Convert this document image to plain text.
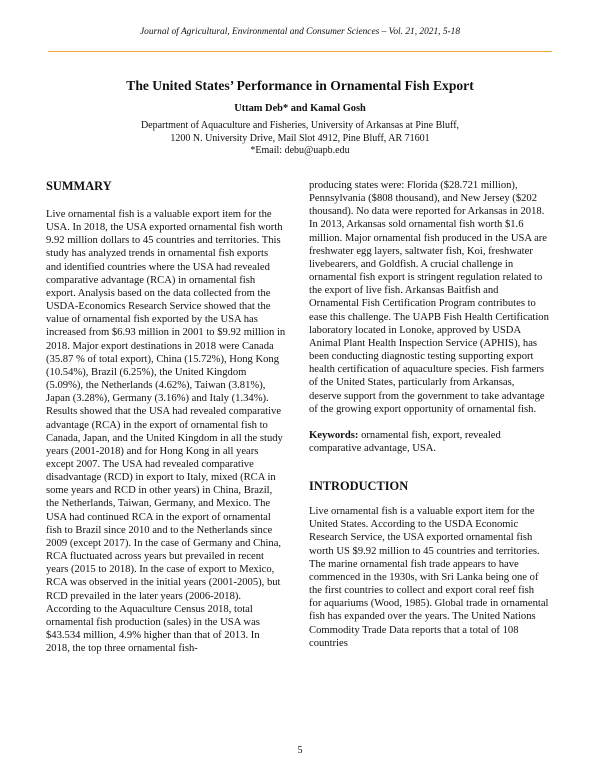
Journal of Agricultural, Environmental and Consumer Sciences – Vol. 21, 2021, 5-18
The United States’ Performance in Ornamental Fish Export
Uttam Deb* and Kamal Gosh
Department of Aquaculture and Fisheries, University of Arkansas at Pine Bluff,
1200 N. University Drive, Mail Slot 4912, Pine Bluff, AR 71601
*Email: debu@uapb.edu
SUMMARY

Live ornamental fish is a valuable export item for the USA. In 2018, the USA exported ornamental fish worth 9.92 million dollars to 45 countries and territories. This study has analyzed trends in ornamental fish exports and identified countries where the USA had revealed comparative advantage (RCA) in ornamental fish export. Analysis based on the data collected from the USDA-Economics Research Service showed that the value of ornamental fish exported by the USA has increased from $6.93 million in 2001 to $9.92 million in 2018. Major export destinations in 2018 were Canada (35.87 % of total export), China (15.72%), Hong Kong (10.54%), Brazil (6.25%), the United Kingdom (5.09%), the Netherlands (4.62%), Taiwan (3.81%), Japan (3.28%), Germany (3.16%) and Italy (1.34%). Results showed that the USA had revealed comparative advantage (RCA) in the export of ornamental fish to Canada, Japan, and the United Kingdom in all the study years (2001-2018) and for Hong Kong in all years except 2007. The USA had revealed comparative disadvantage (RCD) in export to Italy, mixed (RCA in some years and RCD in other years) in China, Brazil, the Netherlands, Taiwan, Germany, and Mexico. The USA had continued RCA in the export of ornamental fish to Brazil since 2010 and to the Netherlands since 2009 (except 2017). In the case of Germany and China, RCA fluctuated across years but prevailed in recent years (2015 to 2018). In the case of export to Mexico, RCA was observed in the initial years (2001-2005), but RCD prevailed in the later years (2006-2018). According to the Aquaculture Census 2018, total ornamental fish production (sales) in the USA was $43.534 million, 4.9% higher than that of 2013. In 2018, the top three ornamental fish-

producing states were: Florida ($28.721 million), Pennsylvania ($808 thousand), and New Jersey ($202 thousand). No data were reported for Arkansas in 2018. In 2013, Arkansas sold ornamental fish worth $1.6 million. Major ornamental fish produced in the USA are freshwater egg layers, saltwater fish, Koi, freshwater livebearers, and Goldfish. A crucial challenge in ornamental fish export is stringent regulation related to the export of live fish. Arkansas Baitfish and Ornamental Fish Certification Program contributes to ease this challenge. The UAPB Fish Health Certification laboratory located in Lonoke, approved by USDA Animal Plant Health Inspection Service (APHIS), has been conducting diagnostic testing supporting export health certification of aquaculture species. Fish farmers of the United States, particularly from Arkansas, deserve support from the government to take advantage of the growing export opportunity of ornamental fish.

Keywords: ornamental fish, export, revealed comparative advantage, USA.

INTRODUCTION

Live ornamental fish is a valuable export item for the United States. According to the USDA Economic Research Service, the USA exported ornamental fish worth US $9.92 million to 45 countries and territories. The marine ornamental fish trade appears to have commenced in the 1930s, with Sri Lanka being one of the first countries to collect and export coral reef fish for aquariums (Wood, 1985). Global trade in ornamental fish has expanded over the years. The United Nations Commodity Trade Data reports that a total of 108 countries

5
